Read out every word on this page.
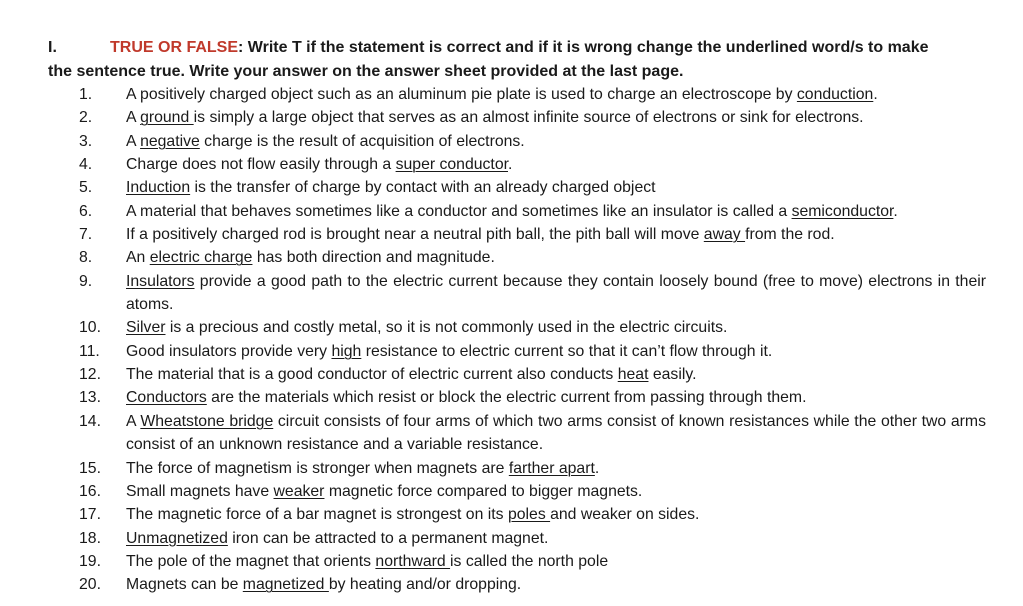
I.	TRUE OR FALSE: Write T if the statement is correct and if it is wrong change the underlined word/s to make
the sentence true. Write your answer on the answer sheet provided at the last page.
1.	A positively charged object such as an aluminum pie plate is used to charge an electroscope by conduction.
2.	A ground is simply a large object that serves as an almost infinite source of electrons or sink for electrons.
3.	A negative charge is the result of acquisition of electrons.
4.	Charge does not flow easily through a super conductor.
5.	Induction is the transfer of charge by contact with an already charged object
6.	A material that behaves sometimes like a conductor and sometimes like an insulator is called a semiconductor.
7.	If a positively charged rod is brought near a neutral pith ball, the pith ball will move away from the rod.
8.	An electric charge has both direction and magnitude.
9.	Insulators provide a good path to the electric current because they contain loosely bound (free to move) electrons in their atoms.
10.	Silver is a precious and costly metal, so it is not commonly used in the electric circuits.
11.	Good insulators provide very high resistance to electric current so that it can’t flow through it.
12.	The material that is a good conductor of electric current also conducts heat easily.
13.	Conductors are the materials which resist or block the electric current from passing through them.
14.	A Wheatstone bridge circuit consists of four arms of which two arms consist of known resistances while the other two arms consist of an unknown resistance and a variable resistance.
15.	The force of magnetism is stronger when magnets are farther apart.
16.	Small magnets have weaker magnetic force compared to bigger magnets.
17.	The magnetic force of a bar magnet is strongest on its poles and weaker on sides.
18.	Unmagnetized iron can be attracted to a permanent magnet.
19.	The pole of the magnet that orients northward is called the north pole
20.	Magnets can be magnetized by heating and/or dropping.
